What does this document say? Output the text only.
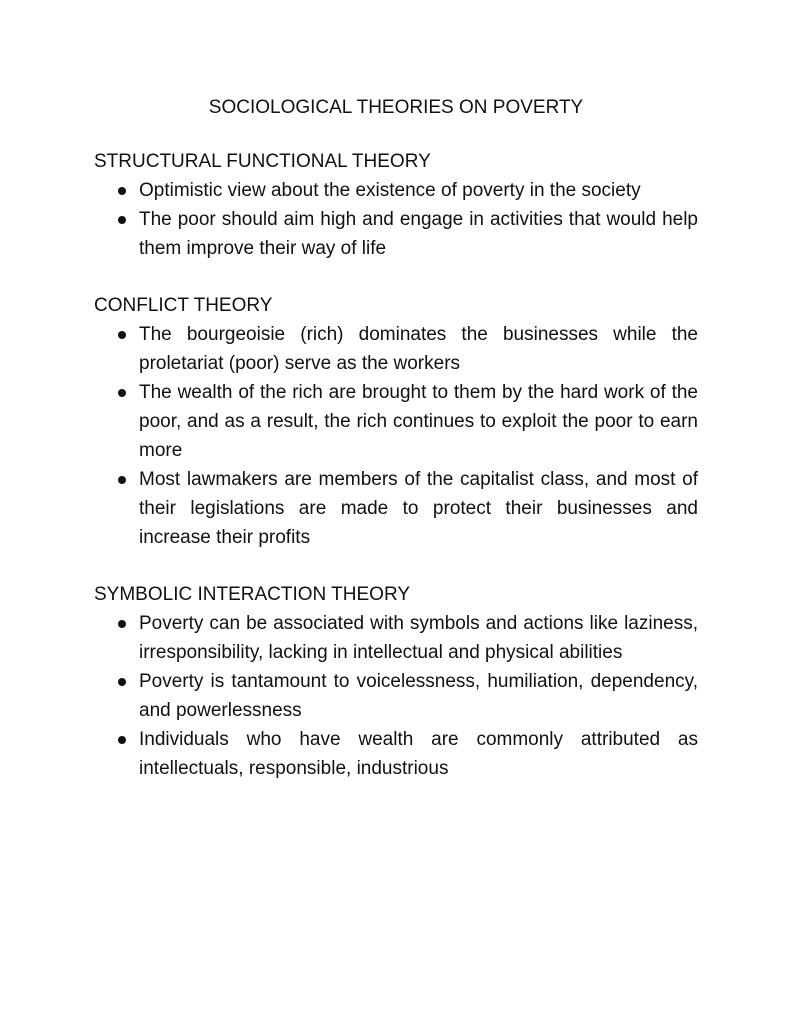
SOCIOLOGICAL THEORIES ON POVERTY
STRUCTURAL FUNCTIONAL THEORY
Optimistic view about the existence of poverty in the society
The poor should aim high and engage in activities that would help them improve their way of life
CONFLICT THEORY
The bourgeoisie (rich) dominates the businesses while the proletariat (poor) serve as the workers
The wealth of the rich are brought to them by the hard work of the poor, and as a result, the rich continues to exploit the poor to earn more
Most lawmakers are members of the capitalist class, and most of their legislations are made to protect their businesses and increase their profits
SYMBOLIC INTERACTION THEORY
Poverty can be associated with symbols and actions like laziness, irresponsibility, lacking in intellectual and physical abilities
Poverty is tantamount to voicelessness, humiliation, dependency, and powerlessness
Individuals who have wealth are commonly attributed as intellectuals, responsible, industrious
